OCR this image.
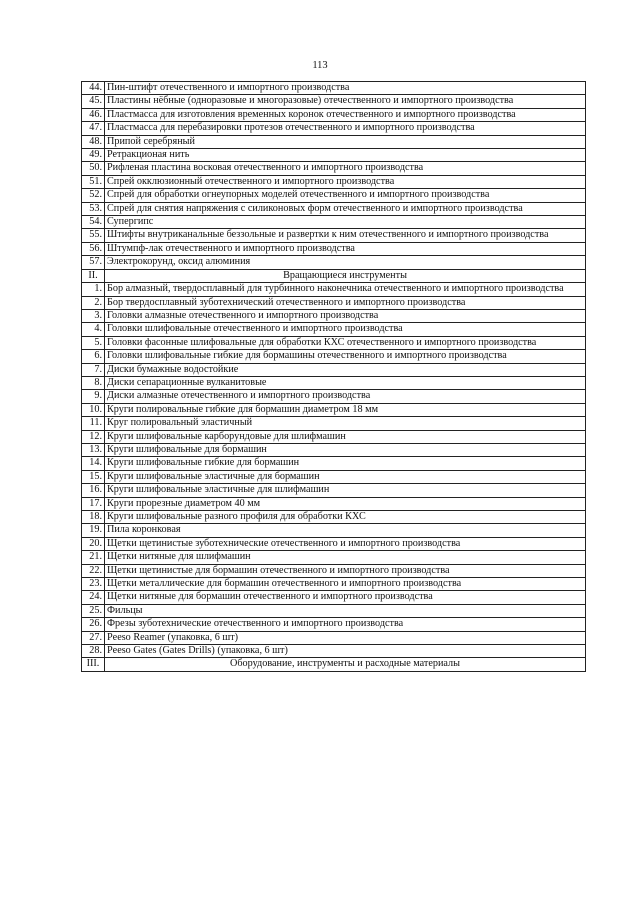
113
44.	Пин-штифт отечественного и импортного производства
45.	Пластины нёбные (одноразовые и многоразовые) отечественного и импортного производства
46.	Пластмасса для изготовления временных коронок отечественного и импортного производства
47.	Пластмасса для перебазировки протезов отечественного и импортного производства
48.	Припой серебряный
49.	Ретракционая нить
50.	Рифленая пластина восковая отечественного и импортного производства
51.	Спрей окклюзионный отечественного и импортного производства
52.	Спрей для обработки огнеупорных моделей отечественного и импортного производства
53.	Спрей для снятия напряжения с силиконовых форм отечественного и импортного производства
54.	Супергипс
55.	Штифты внутриканальные беззольные и развертки к ним отечественного и импортного производства
56.	Штумпф-лак отечественного и импортного производства
57.	Электрокорунд, оксид алюминия
II.	Вращающиеся инструменты
1.	Бор алмазный, твердосплавный для турбинного наконечника отечественного и импортного производства
2.	Бор твердосплавный зуботехнический отечественного и импортного производства
3.	Головки алмазные отечественного и импортного производства
4.	Головки шлифовальные отечественного и импортного производства
5.	Головки фасонные шлифовальные для обработки КХС отечественного и импортного производства
6.	Головки шлифовальные гибкие для бормашины отечественного и импортного производства
7.	Диски бумажные водостойкие
8.	Диски сепарационные вулканитовые
9.	Диски алмазные отечественного и импортного производства
10.	Круги полировальные гибкие для бормашин диаметром 18 мм
11.	Круг полировальный эластичный
12.	Круги шлифовальные карборундовые для шлифмашин
13.	Круги шлифовальные для бормашин
14.	Круги шлифовальные гибкие для бормашин
15.	Круги шлифовальные эластичные для бормашин
16.	Круги шлифовальные эластичные для шлифмашин
17.	Круги прорезные диаметром 40 мм
18.	Круги шлифовальные разного профиля для обработки КХС
19.	Пила коронковая
20.	Щетки щетинистые зуботехнические отечественного и импортного производства
21.	Щетки нитяные для шлифмашин
22.	Щетки щетинистые для бормашин отечественного и импортного производства
23.	Щетки металлические для бормашин отечественного и импортного производства
24.	Щетки нитяные для бормашин отечественного и импортного производства
25.	Фильцы
26.	Фрезы зуботехнические отечественного и импортного производства
27.	Peeso Reamer (упаковка, 6 шт)
28.	Peeso Gates (Gates Drills) (упаковка, 6 шт)
III.	Оборудование, инструменты и расходные материалы
